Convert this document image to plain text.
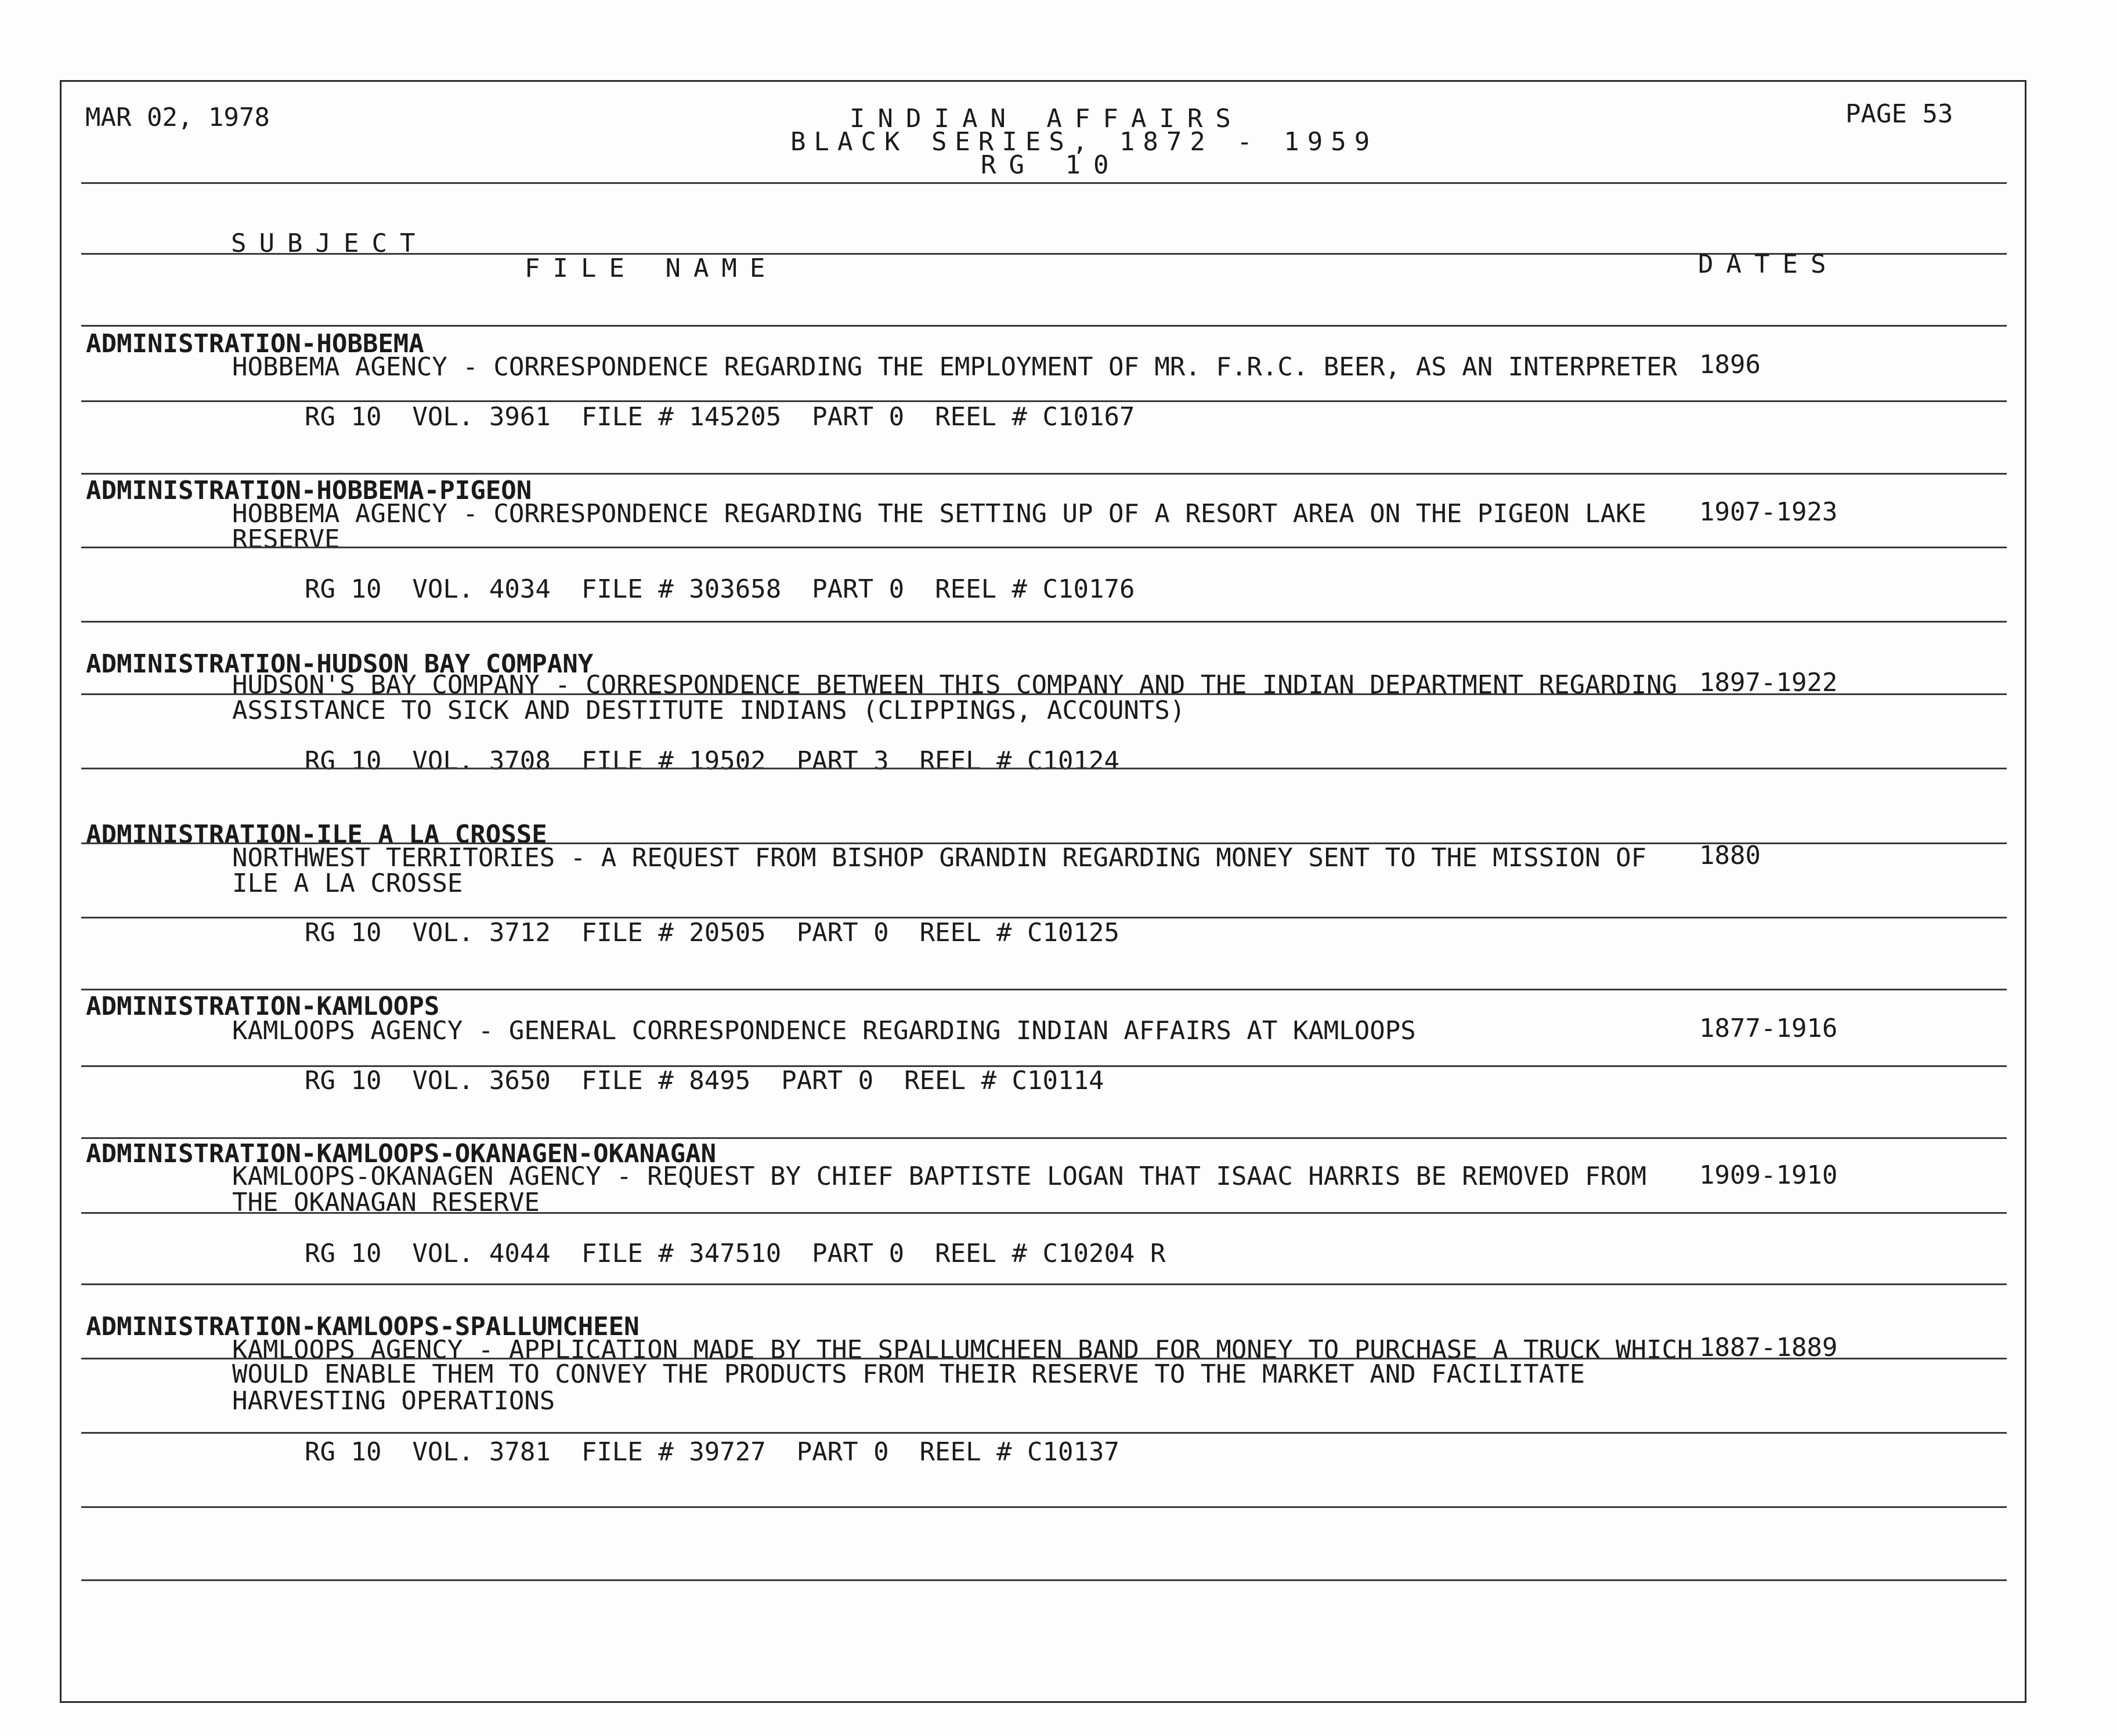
MAR 02, 1978	INDIAN AFFAIRS
BLACK SERIES, 1872 - 1959
RG 10
PAGE 53
SUBJECT
FILE NAME	DATES
ADMINISTRATION-HOBBEMA
HOBBEMA AGENCY - CORRESPONDENCE REGARDING THE EMPLOYMENT OF MR. F.R.C. BEER, AS AN INTERPRETER 1896
RG 10  VOL. 3961  FILE # 145205  PART 0  REEL # C10167
ADMINISTRATION-HOBBEMA-PIGEON
HOBBEMA AGENCY - CORRESPONDENCE REGARDING THE SETTING UP OF A RESORT AREA ON THE PIGEON LAKE
RESERVE
1907-1923
RG 10  VOL. 4034  FILE # 303658  PART 0  REEL # C10176
ADMINISTRATION-HUDSON BAY COMPANY
HUDSON'S BAY COMPANY - CORRESPONDENCE BETWEEN THIS COMPANY AND THE INDIAN DEPARTMENT REGARDING
ASSISTANCE TO SICK AND DESTITUTE INDIANS (CLIPPINGS, ACCOUNTS)
1897-1922
RG 10  VOL. 3708  FILE # 19502  PART 3  REEL # C10124
ADMINISTRATION-ILE A LA CROSSE
NORTHWEST TERRITORIES - A REQUEST FROM BISHOP GRANDIN REGARDING MONEY SENT TO THE MISSION OF
ILE A LA CROSSE
1880
RG 10  VOL. 3712  FILE # 20505  PART 0  REEL # C10125
ADMINISTRATION-KAMLOOPS
KAMLOOPS AGENCY - GENERAL CORRESPONDENCE REGARDING INDIAN AFFAIRS AT KAMLOOPS	1877-1916
RG 10  VOL. 3650  FILE # 8495  PART 0  REEL # C10114
ADMINISTRATION-KAMLOOPS-OKANAGEN-OKANAGAN
KAMLOOPS-OKANAGEN AGENCY - REQUEST BY CHIEF BAPTISTE LOGAN THAT ISAAC HARRIS BE REMOVED FROM
THE OKANAGAN RESERVE
1909-1910
RG 10  VOL. 4044  FILE # 347510  PART 0  REEL # C10204 R
ADMINISTRATION-KAMLOOPS-SPALLUMCHEEN
KAMLOOPS AGENCY - APPLICATION MADE BY THE SPALLUMCHEEN BAND FOR MONEY TO PURCHASE A TRUCK WHICH
WOULD ENABLE THEM TO CONVEY THE PRODUCTS FROM THEIR RESERVE TO THE MARKET AND FACILITATE
HARVESTING OPERATIONS
1887-1889
RG 10  VOL. 3781  FILE # 39727  PART 0  REEL # C10137
